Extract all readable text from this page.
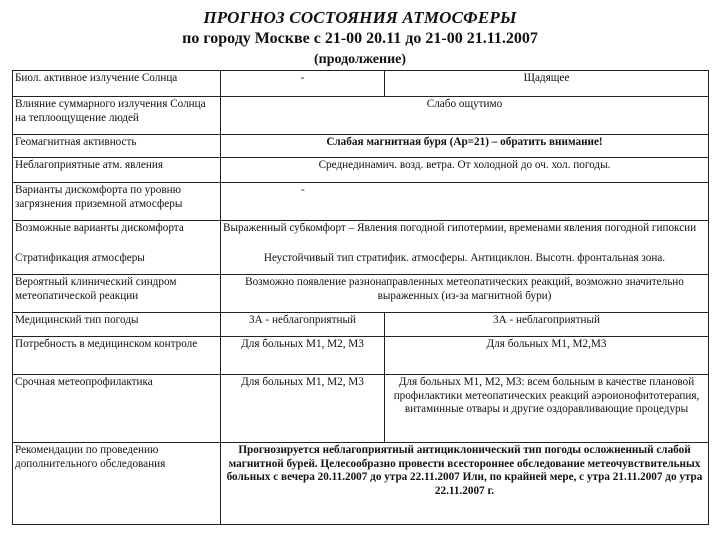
ПРОГНОЗ СОСТОЯНИЯ АТМОСФЕРЫ
по городу Москве с 21-00 20.11 до 21-00 21.11.2007
(продолжение)
Биол. активное излучение Солнца	-	Щадящее
Влияние суммарного излучения Солнца на теплоощущение людей	Слабо ощутимо	
Геомагнитная активность	Слабая магнитная буря (Ар=21) – обратить внимание!	
Неблагоприятные атм. явления	Среднединамич. возд. ветра. От холодной до оч. хол. погоды.	
Варианты дискомфорта по уровню загрязнения приземной атмосферы	-	
Возможные варианты дискомфорта	Выраженный субкомфорт – Явления погодной гипотермии, временами явления погодной гипоксии	
Стратификация атмосферы	Неустойчивый тип стратифик. атмосферы. Антициклон. Высотн. фронтальная зона.	
Вероятный клинический синдром метеопатической реакции	Возможно появление разнонаправленных метеопатических реакций, возможно значительно выраженных (из-за магнитной бури)	
Медицинский тип погоды	3А - неблагоприятный	3А - неблагоприятный
Потребность в медицинском контроле	Для больных М1, М2, М3	Для больных М1, М2,М3
Срочная метеопрофилактика	Для больных М1, М2, М3	Для больных М1, М2, М3: всем больным в качестве плановой профилактики метеопатических реакций аэроионофитотерапия, витаминные отвары и другие оздоравливающие процедуры
Рекомендации по проведению дополнительного обследования	Прогнозируется неблагоприятный антициклонический тип погоды осложненный слабой магнитной бурей. Целесообразно провести всестороннее обследование метеочувствительных больных с вечера 20.11.2007 до утра 22.11.2007 Или, по крайней мере, с утра 21.11.2007 до утра 22.11.2007 г.	
